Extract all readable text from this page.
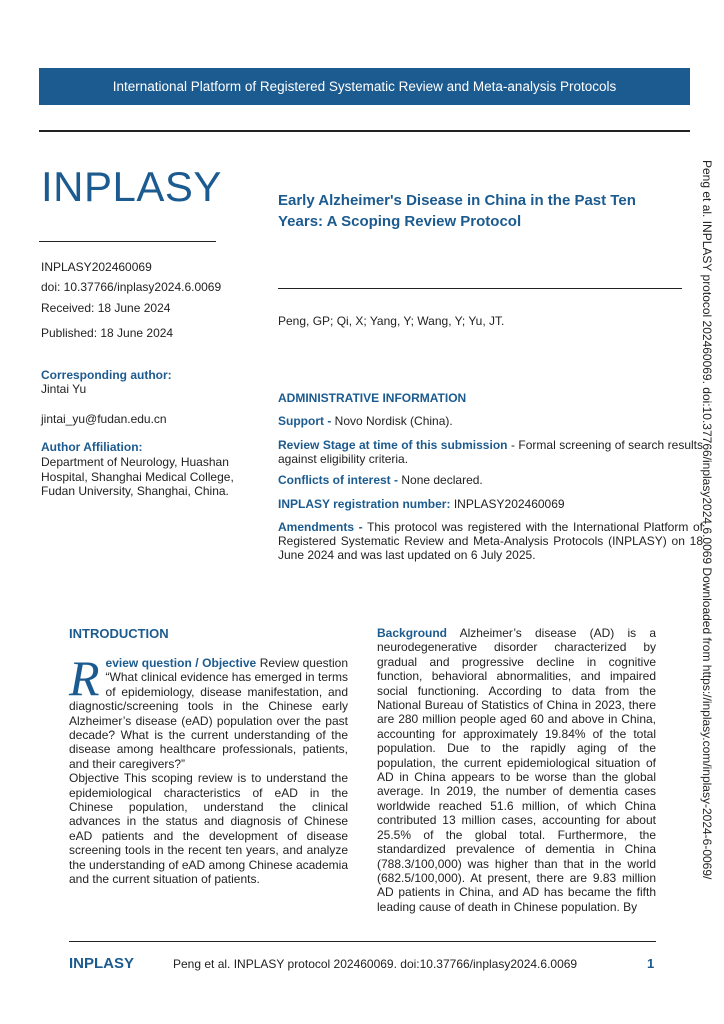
International Platform of Registered Systematic Review and Meta-analysis Protocols
INPLASY
INPLASY202460069
doi: 10.37766/inplasy2024.6.0069
Received: 18 June 2024
Published: 18 June 2024
Early Alzheimer's Disease in China in the Past Ten
Years: A Scoping Review Protocol
Peng, GP; Qi, X; Yang, Y; Wang, Y; Yu, JT.
Corresponding author:
Jintai Yu
jintai_yu@fudan.edu.cn
Author Affiliation:
Department of Neurology, Huashan Hospital, Shanghai Medical College, Fudan University, Shanghai, China.
ADMINISTRATIVE INFORMATION
Support - Novo Nordisk (China).
Review Stage at time of this submission - Formal screening of search results against eligibility criteria.
Conflicts of interest - None declared.
INPLASY registration number: INPLASY202460069
Amendments - This protocol was registered with the International Platform of Registered Systematic Review and Meta-Analysis Protocols (INPLASY) on 18 June 2024 and was last updated on 6 July 2025.
INTRODUCTION
Review question / Objective Review question “What clinical evidence has emerged in terms of epidemiology, disease manifestation, and diagnostic/screening tools in the Chinese early Alzheimer’s disease (eAD) population over the past decade? What is the current understanding of the disease among healthcare professionals, patients, and their caregivers?”
Objective This scoping review is to understand the epidemiological characteristics of eAD in the Chinese population, understand the clinical advances in the status and diagnosis of Chinese eAD patients and the development of disease screening tools in the recent ten years, and analyze the understanding of eAD among Chinese academia and the current situation of patients.
Background Alzheimer’s disease (AD) is a neurodegenerative disorder characterized by gradual and progressive decline in cognitive function, behavioral abnormalities, and impaired social functioning. According to data from the National Bureau of Statistics of China in 2023, there are 280 million people aged 60 and above in China, accounting for approximately 19.84% of the total population. Due to the rapidly aging of the population, the current epidemiological situation of AD in China appears to be worse than the global average. In 2019, the number of dementia cases worldwide reached 51.6 million, of which China contributed 13 million cases, accounting for about 25.5% of the global total. Furthermore, the standardized prevalence of dementia in China (788.3/100,000) was higher than that in the world (682.5/100,000). At present, there are 9.83 million AD patients in China, and AD has became the fifth leading cause of death in Chinese population. By
Peng et al. INPLASY protocol 202460069. doi:10.37766/inplasy2024.6.0069 Downloaded from https://inplasy.com/inplasy-2024-6-0069/
INPLASY	Peng et al. INPLASY protocol 202460069. doi:10.37766/inplasy2024.6.0069	1
